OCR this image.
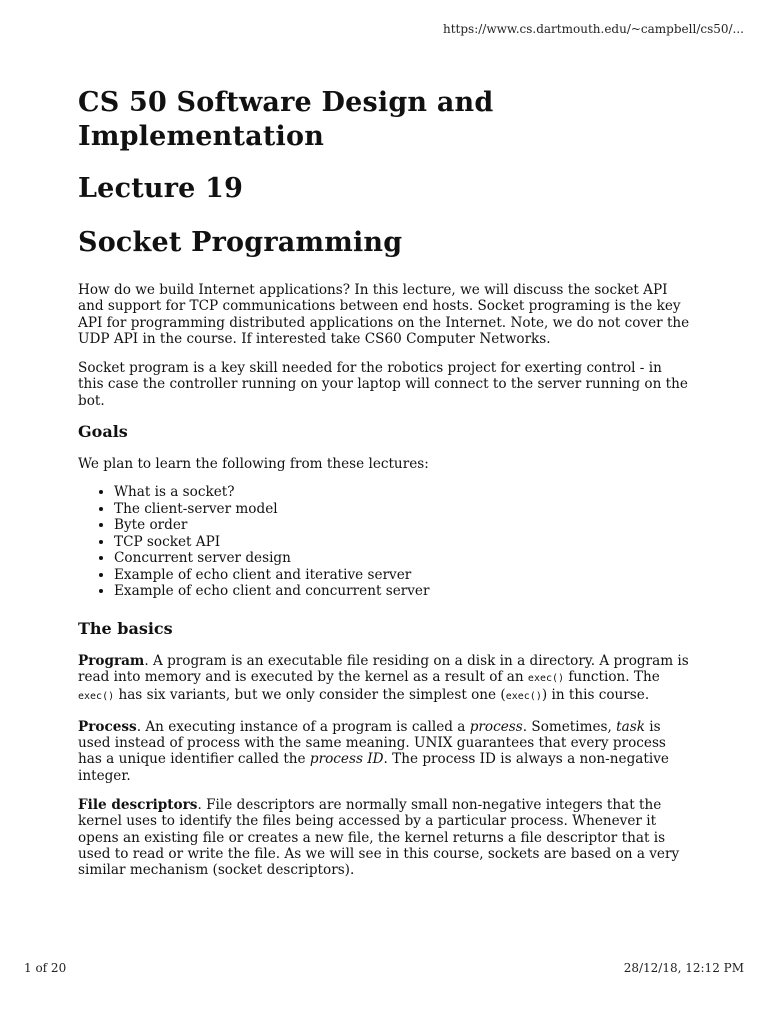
https://www.cs.dartmouth.edu/~campbell/cs50/...
CS 50 Software Design and Implementation
Lecture 19
Socket Programming

How do we build Internet applications? In this lecture, we will discuss the socket API and support for TCP communications between end hosts. Socket programing is the key API for programming distributed applications on the Internet. Note, we do not cover the UDP API in the course. If interested take CS60 Computer Networks.

Socket program is a key skill needed for the robotics project for exerting control - in this case the controller running on your laptop will connect to the server running on the bot.

Goals

We plan to learn the following from these lectures:

• What is a socket?
• The client-server model
• Byte order
• TCP socket API
• Concurrent server design
• Example of echo client and iterative server
• Example of echo client and concurrent server
The basics

Program. A program is an executable file residing on a disk in a directory. A program is read into memory and is executed by the kernel as a result of an exec() function. The exec() has six variants, but we only consider the simplest one (exec()) in this course.

Process. An executing instance of a program is called a process. Sometimes, task is used instead of process with the same meaning. UNIX guarantees that every process has a unique identifier called the process ID. The process ID is always a non-negative integer.

File descriptors. File descriptors are normally small non-negative integers that the kernel uses to identify the files being accessed by a particular process. Whenever it opens an existing file or creates a new file, the kernel returns a file descriptor that is used to read or write the file. As we will see in this course, sockets are based on a very similar mechanism (socket descriptors).

1 of 20	28/12/18, 12:12 PM
